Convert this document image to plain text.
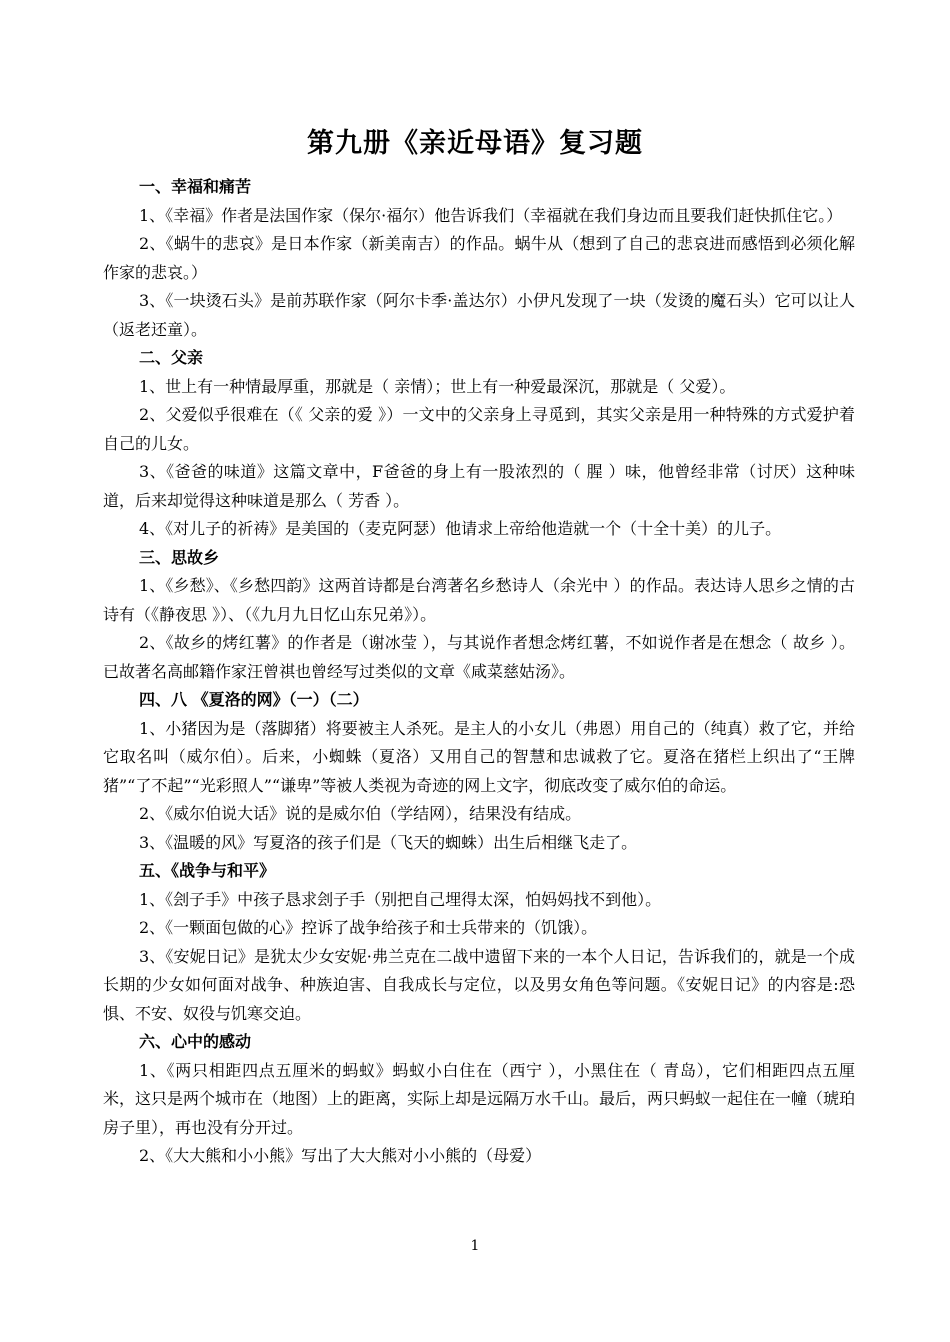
第九册《亲近母语》复习题
一、幸福和痛苦
1、《幸福》作者是法国作家（保尔·福尔）他告诉我们（幸福就在我们身边而且要我们赶快抓住它。）
2、《蜗牛的悲哀》是日本作家（新美南吉）的作品。蜗牛从（想到了自己的悲哀进而感悟到必须化解作家的悲哀。）
3、《一块烫石头》是前苏联作家（阿尔卡季·盖达尔）小伊凡发现了一块（发烫的魔石头）它可以让人（返老还童）。
二、父亲
1、世上有一种情最厚重，那就是（ 亲情）；世上有一种爱最深沉，那就是（ 父爱）。
2、父爱似乎很难在（《 父亲的爱 》）一文中的父亲身上寻觅到，其实父亲是用一种特殊的方式爱护着自己的儿女。
3、《爸爸的味道》这篇文章中，F爸爸的身上有一股浓烈的（ 腥 ）味，他曾经非常（讨厌）这种味道，后来却觉得这种味道是那么（ 芳香 ）。
4、《对儿子的祈祷》是美国的（麦克阿瑟）他请求上帝给他造就一个（十全十美）的儿子。
三、思故乡
1、《乡愁》、《乡愁四韵》这两首诗都是台湾著名乡愁诗人（余光中 ）的作品。表达诗人思乡之情的古诗有（《静夜思 》）、（《九月九日忆山东兄弟》）。
2、《故乡的烤红薯》的作者是（谢冰莹 ），与其说作者想念烤红薯，不如说作者是在想念（ 故乡 ）。已故著名高邮籍作家汪曾祺也曾经写过类似的文章《咸菜慈姑汤》。
四、八 《夏洛的网》（一）（二）
1、小猪因为是（落脚猪）将要被主人杀死。是主人的小女儿（弗恩）用自己的（纯真）救了它，并给它取名叫（威尔伯）。后来，小蜘蛛（夏洛）又用自己的智慧和忠诚救了它。夏洛在猪栏上织出了“王牌猪”“了不起”“光彩照人”“谦卑”等被人类视为奇迹的网上文字，彻底改变了威尔伯的命运。
2、《威尔伯说大话》说的是威尔伯（学结网），结果没有结成。
3、《温暖的风》写夏洛的孩子们是（飞天的蜘蛛）出生后相继飞走了。
五、《战争与和平》
1、《刽子手》中孩子恳求刽子手（别把自己埋得太深，怕妈妈找不到他）。
2、《一颗面包做的心》控诉了战争给孩子和士兵带来的（饥饿）。
3、《安妮日记》是犹太少女安妮·弗兰克在二战中遗留下来的一本个人日记，告诉我们的，就是一个成长期的少女如何面对战争、种族迫害、自我成长与定位，以及男女角色等问题。《安妮日记》的内容是:恐惧、不安、奴役与饥寒交迫。
六、心中的感动
1、《两只相距四点五厘米的蚂蚁》蚂蚁小白住在（西宁 ），小黑住在（ 青岛），它们相距四点五厘米，这只是两个城市在（地图）上的距离，实际上却是远隔万水千山。最后，两只蚂蚁一起住在一幢（琥珀房子里），再也没有分开过。
2、《大大熊和小小熊》写出了大大熊对小小熊的（母爱）
1
